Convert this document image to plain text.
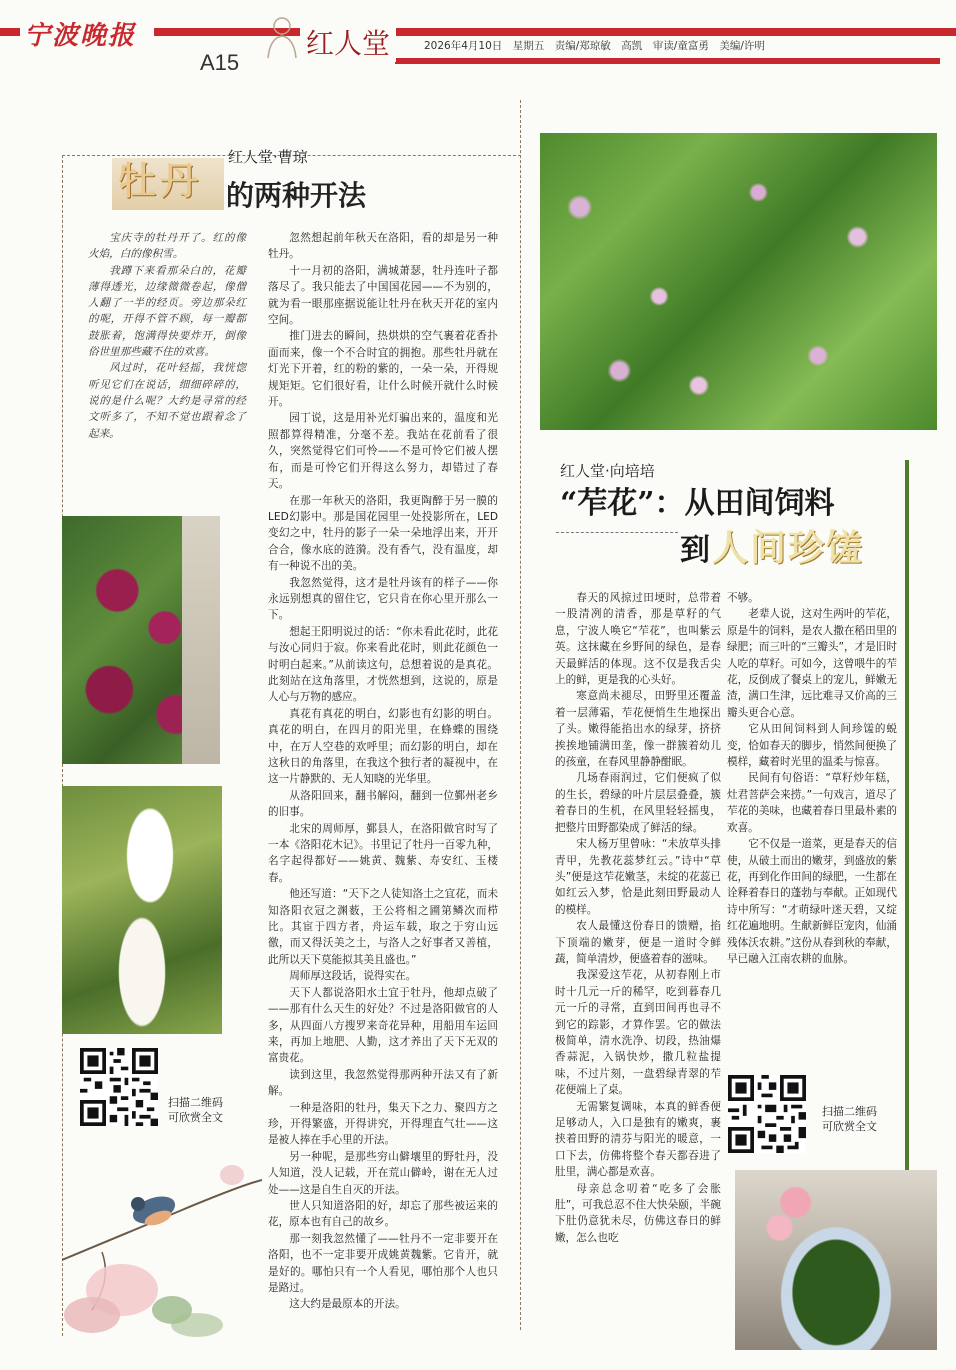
宁波晚报
A15
红人堂	2026年4月10日　星期五　责编/郑琼敏　高凯　审读/童富勇　美编/许明
红人堂·曹琼
牡丹 的两种开法

宝庆寺的牡丹开了。红的像火焰，白的像积雪。

我蹲下来看那朵白的，花瓣薄得透光，边缘微微卷起，像僧人翻了一半的经页。旁边那朵红的呢，开得不管不顾，每一瓣都鼓胀着，饱满得快要炸开，倒像俗世里那些藏不住的欢喜。

风过时，花叶轻摇，我恍惚听见它们在说话，细细碎碎的，说的是什么呢？大约是寻常的经文听多了，不知不觉也跟着念了起来。

忽然想起前年秋天在洛阳，看的却是另一种牡丹。

十一月初的洛阳，满城萧瑟，牡丹连叶子都落尽了。我只能去了中国国花园——不为别的，就为看一眼那座据说能让牡丹在秋天开花的室内空间。

推门进去的瞬间，热烘烘的空气裹着花香扑面而来，像一个不合时宜的拥抱。那些牡丹就在灯光下开着，红的粉的紫的，一朵一朵，开得规规矩矩。它们很好看，让什么时候开就什么时候开。

园丁说，这是用补光灯骗出来的，温度和光照都算得精准，分毫不差。我站在花前看了很久，突然觉得它们可怜——不是可怜它们被人摆布，而是可怜它们开得这么努力，却错过了春天。

在那一年秋天的洛阳，我更陶醉于另一膜的LED幻影中。那是国花园里一处投影所在，LED变幻之中，牡丹的影子一朵一朵地浮出来，开开合合，像水底的涟漪。没有香气，没有温度，却有一种说不出的美。

我忽然觉得，这才是牡丹该有的样子——你永远别想真的留住它，它只肯在你心里开那么一下。

想起王阳明说过的话：“你未看此花时，此花与汝心同归于寂。你来看此花时，则此花颜色一时明白起来。”从前读这句，总想着说的是真花。此刻站在这角落里，才恍然想到，这说的，原是人心与万物的感应。

真花有真花的明白，幻影也有幻影的明白。真花的明白，在四月的阳光里，在蜂蝶的围绕中，在万人空巷的欢呼里；而幻影的明白，却在这秋日的角落里，在我这个独行者的凝视中，在这一片静默的、无人知晓的光华里。

从洛阳回来，翻书解闷，翻到一位鄞州老乡的旧事。

北宋的周师厚，鄞县人，在洛阳做官时写了一本《洛阳花木记》。书里记了牡丹一百零九种，名字起得都好——姚黄、魏紫、寿安红、玉楼春。

他还写道：“天下之人徒知洛土之宜花，而未知洛阳衣冠之渊薮，王公将相之圃第鳞次而栉比。其宦于四方者，舟运车载，取之于穷山远徼，而又得沃美之土，与洛人之好事者又善植，此所以天下莫能拟其美且盛也。”

周师厚这段话，说得实在。

天下人都说洛阳水土宜于牡丹，他却点破了——那有什么天生的好处？不过是洛阳做官的人多，从四面八方搜罗来奇花异种，用船用车运回来，再加上地肥、人勤，这才养出了天下无双的富贵花。

读到这里，我忽然觉得那两种开法又有了新解。

一种是洛阳的牡丹，集天下之力、聚四方之珍，开得繁盛，开得讲究，开得理直气壮——这是被人捧在手心里的开法。

另一种呢，是那些穷山僻壤里的野牡丹，没人知道，没人记载，开在荒山僻岭，谢在无人过处——这是自生自灭的开法。

世人只知道洛阳的好，却忘了那些被运来的花，原本也有自己的故乡。

那一刻我忽然懂了——牡丹不一定非要开在洛阳，也不一定非要开成姚黄魏紫。它肯开，就是好的。哪怕只有一个人看见，哪怕那个人也只是路过。

这大约是最原本的开法。

扫描二维码
可欣赏全文
红人堂·向培培
“苲花”：从田间饲料
到 人间珍馐

春天的风掠过田埂时，总带着一股清冽的清香，那是草籽的气息，宁波人唤它“苲花”，也叫紫云英。这抹藏在乡野间的绿色，是春天最鲜活的体现。这不仅是我舌尖上的鲜，更是我的心头好。

寒意尚未褪尽，田野里还覆盖着一层薄霜，苲花便悄生生地探出了头。嫩得能掐出水的绿芽，挤挤挨挨地铺满田垄，像一群簇着幼儿的孩童，在春风里静静酣眠。

几场春雨润过，它们便疯了似的生长，碧绿的叶片层层叠叠，簇着春日的生机，在风里轻轻摇曳，把整片田野都染成了鲜活的绿。

宋人杨万里曾咏：“未放草头排青甲，先教花蕊梦红云。”诗中“草头”便是这苲花嫩茎，未绽的花蕊已如红云入梦，恰是此刻田野最动人的模样。

农人最懂这份春日的馈赠，掐下顶端的嫩芽，便是一道时令鲜蔬，简单清炒，便盛着春的滋味。

我深爱这苲花，从初春刚上市时十几元一斤的稀罕，吃到暮春几元一斤的寻常，直到田间再也寻不到它的踪影，才算作罢。它的做法极简单，清水洗净、切段，热油爆香蒜泥，入锅快炒，撒几粒盐提味，不过片刻，一盘碧绿青翠的苲花便端上了桌。

无需繁复调味，本真的鲜香便足够动人，入口是独有的嫩爽，裹挟着田野的清芬与阳光的暖意，一口下去，仿佛将整个春天都吞进了肚里，满心都是欢喜。

母亲总念叨着“吃多了会胀肚”，可我总忍不住大快朵颐，半碗下肚仍意犹未尽，仿佛这春日的鲜嫩，怎么也吃

不够。

老辈人说，这对生两叶的苲花，原是牛的饲料，是农人撒在稻田里的绿肥；而三叶的“三瓣头”，才是旧时人吃的草籽。可如今，这曾喂牛的苲花，反倒成了餐桌上的宠儿，鲜嫩无渣，满口生津，远比难寻又价高的三瓣头更合心意。

它从田间饲料到人间珍馐的蜕变，恰如春天的脚步，悄然间便换了模样，藏着时光里的温柔与惊喜。

民间有句俗语：“草籽炒年糕，灶君菩萨会来捞。”一句戏言，道尽了苲花的美味，也藏着春日里最朴素的欢喜。

它不仅是一道菜，更是春天的信使，从破土而出的嫩芽，到盛放的紫花，再到化作田间的绿肥，一生都在诠释着春日的蓬勃与奉献。正如现代诗中所写：“才萌绿叶迷天碧，又绽红花遍地明。生献新鲜臣宠肉，仙涌残体沃农耕。”这份从春到秋的奉献，早已融入江南农耕的血脉。

扫描二维码
可欣赏全文
